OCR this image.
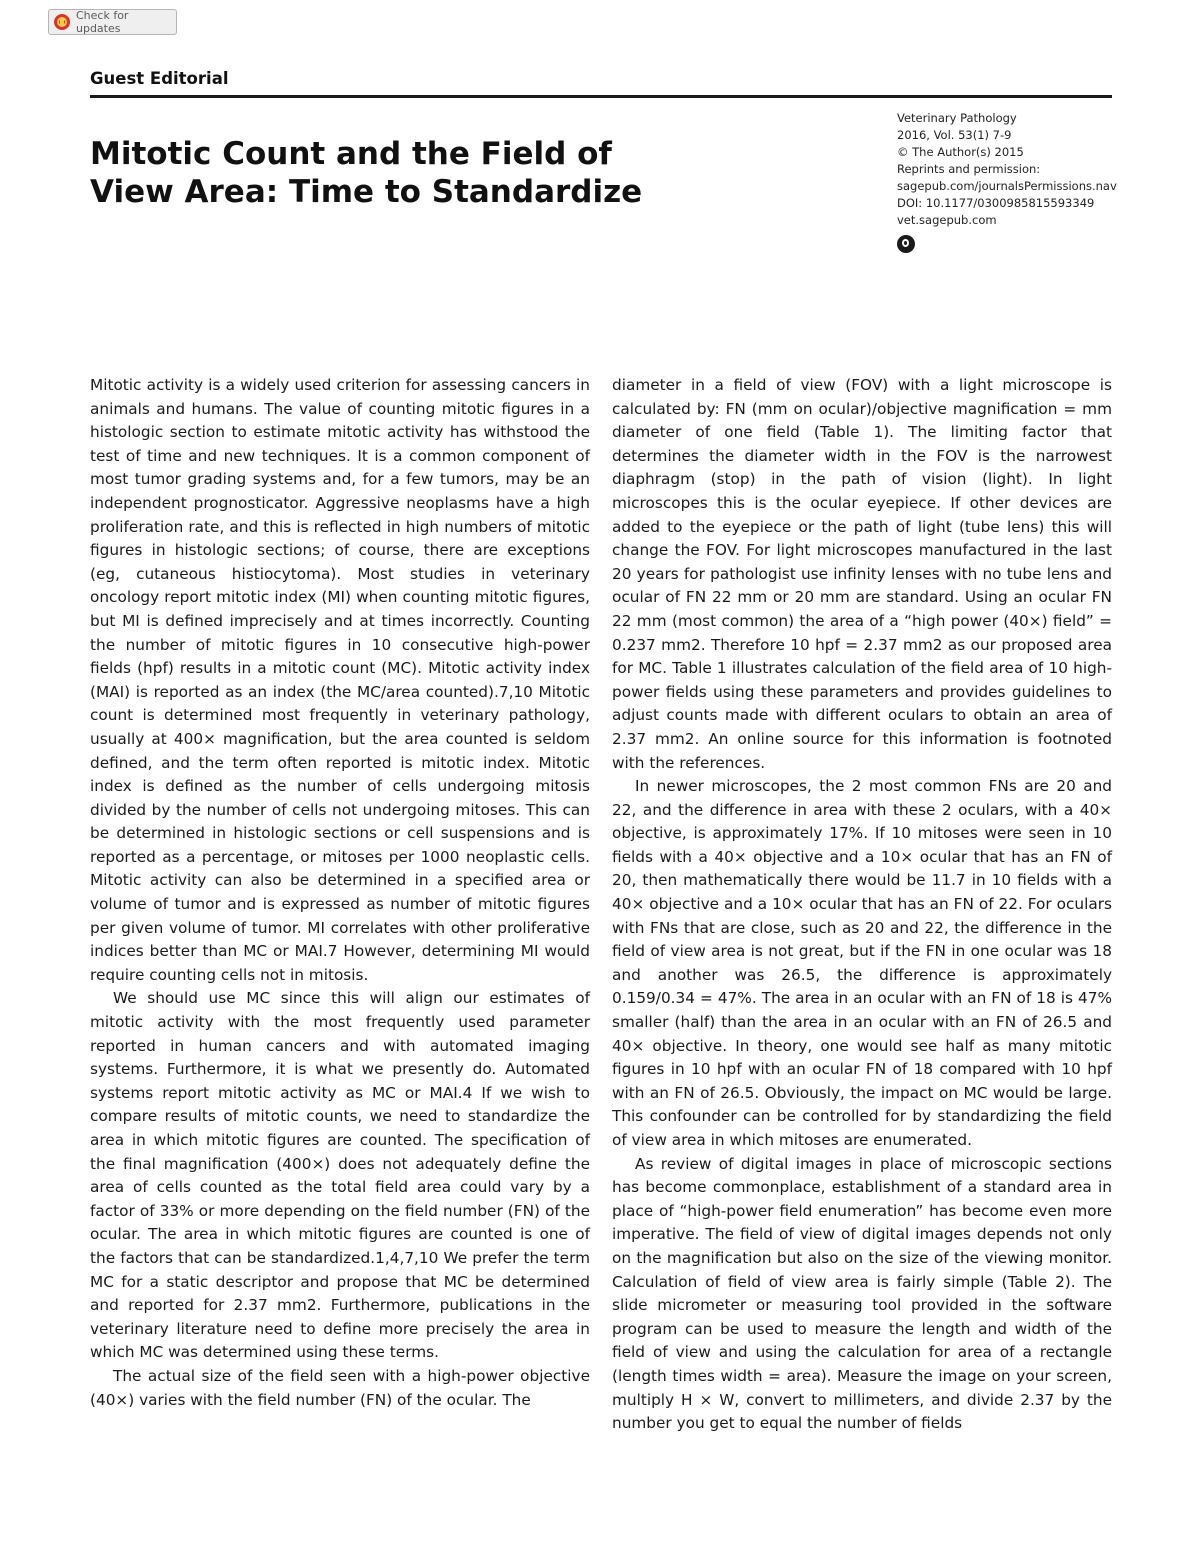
Check for updates
Guest Editorial
Mitotic Count and the Field of
View Area: Time to Standardize
Veterinary Pathology
2016, Vol. 53(1) 7-9
© The Author(s) 2015
Reprints and permission:
sagepub.com/journalsPermissions.nav
DOI: 10.1177/0300985815593349
vet.sagepub.com

Mitotic activity is a widely used criterion for assessing cancers in animals and humans. The value of counting mitotic figures in a histologic section to estimate mitotic activity has withstood the test of time and new techniques. It is a common component of most tumor grading systems and, for a few tumors, may be an independent prognosticator. Aggressive neoplasms have a high proliferation rate, and this is reflected in high numbers of mitotic figures in histologic sections; of course, there are exceptions (eg, cutaneous histiocytoma). Most studies in veterinary oncology report mitotic index (MI) when counting mitotic figures, but MI is defined imprecisely and at times incorrectly. Counting the number of mitotic figures in 10 consecutive high-power fields (hpf) results in a mitotic count (MC). Mitotic activity index (MAI) is reported as an index (the MC/area counted).7,10 Mitotic count is determined most frequently in veterinary pathology, usually at 400× magnification, but the area counted is seldom defined, and the term often reported is mitotic index. Mitotic index is defined as the number of cells undergoing mitosis divided by the number of cells not undergoing mitoses. This can be determined in histologic sections or cell suspensions and is reported as a percentage, or mitoses per 1000 neoplastic cells. Mitotic activity can also be determined in a specified area or volume of tumor and is expressed as number of mitotic figures per given volume of tumor. MI correlates with other proliferative indices better than MC or MAI.7 However, determining MI would require counting cells not in mitosis.

We should use MC since this will align our estimates of mitotic activity with the most frequently used parameter reported in human cancers and with automated imaging systems. Furthermore, it is what we presently do. Automated systems report mitotic activity as MC or MAI.4 If we wish to compare results of mitotic counts, we need to standardize the area in which mitotic figures are counted. The specification of the final magnification (400×) does not adequately define the area of cells counted as the total field area could vary by a factor of 33% or more depending on the field number (FN) of the ocular. The area in which mitotic figures are counted is one of the factors that can be standardized.1,4,7,10 We prefer the term MC for a static descriptor and propose that MC be determined and reported for 2.37 mm2. Furthermore, publications in the veterinary literature need to define more precisely the area in which MC was determined using these terms.

The actual size of the field seen with a high-power objective (40×) varies with the field number (FN) of the ocular. The

diameter in a field of view (FOV) with a light microscope is calculated by: FN (mm on ocular)/objective magnification = mm diameter of one field (Table 1). The limiting factor that determines the diameter width in the FOV is the narrowest diaphragm (stop) in the path of vision (light). In light microscopes this is the ocular eyepiece. If other devices are added to the eyepiece or the path of light (tube lens) this will change the FOV. For light microscopes manufactured in the last 20 years for pathologist use infinity lenses with no tube lens and ocular of FN 22 mm or 20 mm are standard. Using an ocular FN 22 mm (most common) the area of a “high power (40×) field” = 0.237 mm2. Therefore 10 hpf = 2.37 mm2 as our proposed area for MC. Table 1 illustrates calculation of the field area of 10 high-power fields using these parameters and provides guidelines to adjust counts made with different oculars to obtain an area of 2.37 mm2. An online source for this information is footnoted with the references.

In newer microscopes, the 2 most common FNs are 20 and 22, and the difference in area with these 2 oculars, with a 40× objective, is approximately 17%. If 10 mitoses were seen in 10 fields with a 40× objective and a 10× ocular that has an FN of 20, then mathematically there would be 11.7 in 10 fields with a 40× objective and a 10× ocular that has an FN of 22. For oculars with FNs that are close, such as 20 and 22, the difference in the field of view area is not great, but if the FN in one ocular was 18 and another was 26.5, the difference is approximately 0.159/0.34 = 47%. The area in an ocular with an FN of 18 is 47% smaller (half) than the area in an ocular with an FN of 26.5 and 40× objective. In theory, one would see half as many mitotic figures in 10 hpf with an ocular FN of 18 compared with 10 hpf with an FN of 26.5. Obviously, the impact on MC would be large. This confounder can be controlled for by standardizing the field of view area in which mitoses are enumerated.

As review of digital images in place of microscopic sections has become commonplace, establishment of a standard area in place of “high-power field enumeration” has become even more imperative. The field of view of digital images depends not only on the magnification but also on the size of the viewing monitor. Calculation of field of view area is fairly simple (Table 2). The slide micrometer or measuring tool provided in the software program can be used to measure the length and width of the field of view and using the calculation for area of a rectangle (length times width = area). Measure the image on your screen, multiply H × W, convert to millimeters, and divide 2.37 by the number you get to equal the number of fields
